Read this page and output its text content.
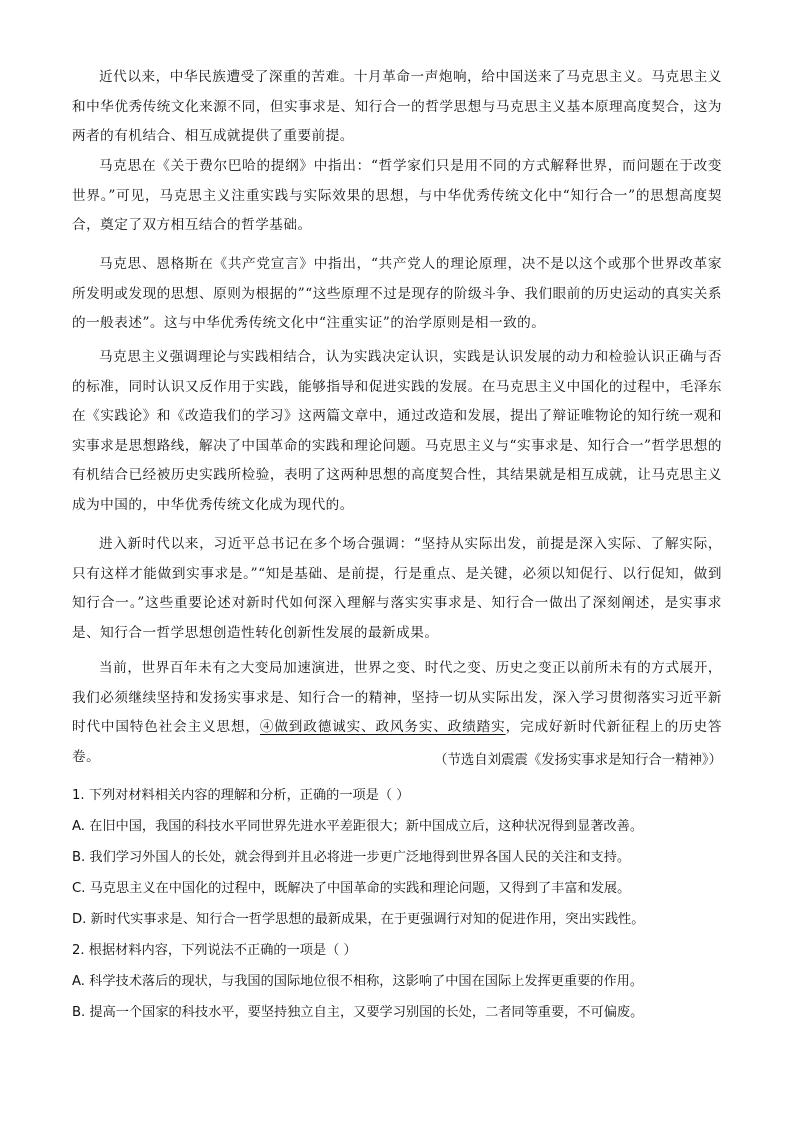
近代以来，中华民族遭受了深重的苦难。十月革命一声炮响，给中国送来了马克思主义。马克思主义和中华优秀传统文化来源不同，但实事求是、知行合一的哲学思想与马克思主义基本原理高度契合，这为两者的有机结合、相互成就提供了重要前提。

马克思在《关于费尔巴哈的提纲》中指出：“哲学家们只是用不同的方式解释世界，而问题在于改变世界。”可见，马克思主义注重实践与实际效果的思想，与中华优秀传统文化中“知行合一”的思想高度契合，奠定了双方相互结合的哲学基础。

马克思、恩格斯在《共产党宣言》中指出，“共产党人的理论原理，决不是以这个或那个世界改革家所发明或发现的思想、原则为根据的”“这些原理不过是现存的阶级斗争、我们眼前的历史运动的真实关系的一般表述”。这与中华优秀传统文化中“注重实证”的治学原则是相一致的。

马克思主义强调理论与实践相结合，认为实践决定认识，实践是认识发展的动力和检验认识正确与否的标准，同时认识又反作用于实践，能够指导和促进实践的发展。在马克思主义中国化的过程中，毛泽东在《实践论》和《改造我们的学习》这两篇文章中，通过改造和发展，提出了辩证唯物论的知行统一观和实事求是思想路线，解决了中国革命的实践和理论问题。马克思主义与“实事求是、知行合一”哲学思想的有机结合已经被历史实践所检验，表明了这两种思想的高度契合性，其结果就是相互成就，让马克思主义成为中国的，中华优秀传统文化成为现代的。

进入新时代以来，习近平总书记在多个场合强调：“坚持从实际出发，前提是深入实际、了解实际，只有这样才能做到实事求是。”“知是基础、是前提，行是重点、是关键，必须以知促行、以行促知，做到知行合一。”这些重要论述对新时代如何深入理解与落实实事求是、知行合一做出了深刻阐述，是实事求是、知行合一哲学思想创造性转化创新性发展的最新成果。

当前，世界百年未有之大变局加速演进，世界之变、时代之变、历史之变正以前所未有的方式展开，我们必须继续坚持和发扬实事求是、知行合一的精神，坚持一切从实际出发，深入学习贯彻落实习近平新时代中国特色社会主义思想，④做到政德诚实、政风务实、政绩踏实，完成好新时代新征程上的历史答卷。	（节选自刘震震《发扬实事求是知行合一精神》）

1. 下列对材料相关内容的理解和分析，正确的一项是（ ）

A. 在旧中国，我国的科技水平同世界先进水平差距很大；新中国成立后，这种状况得到显著改善。

B. 我们学习外国人的长处，就会得到并且必将进一步更广泛地得到世界各国人民的关注和支持。

C. 马克思主义在中国化的过程中，既解决了中国革命的实践和理论问题，又得到了丰富和发展。

D. 新时代实事求是、知行合一哲学思想的最新成果，在于更强调行对知的促进作用，突出实践性。

2. 根据材料内容，下列说法不正确的一项是（ ）

A. 科学技术落后的现状，与我国的国际地位很不相称，这影响了中国在国际上发挥更重要的作用。

B. 提高一个国家的科技水平，要坚持独立自主，又要学习别国的长处，二者同等重要，不可偏废。
